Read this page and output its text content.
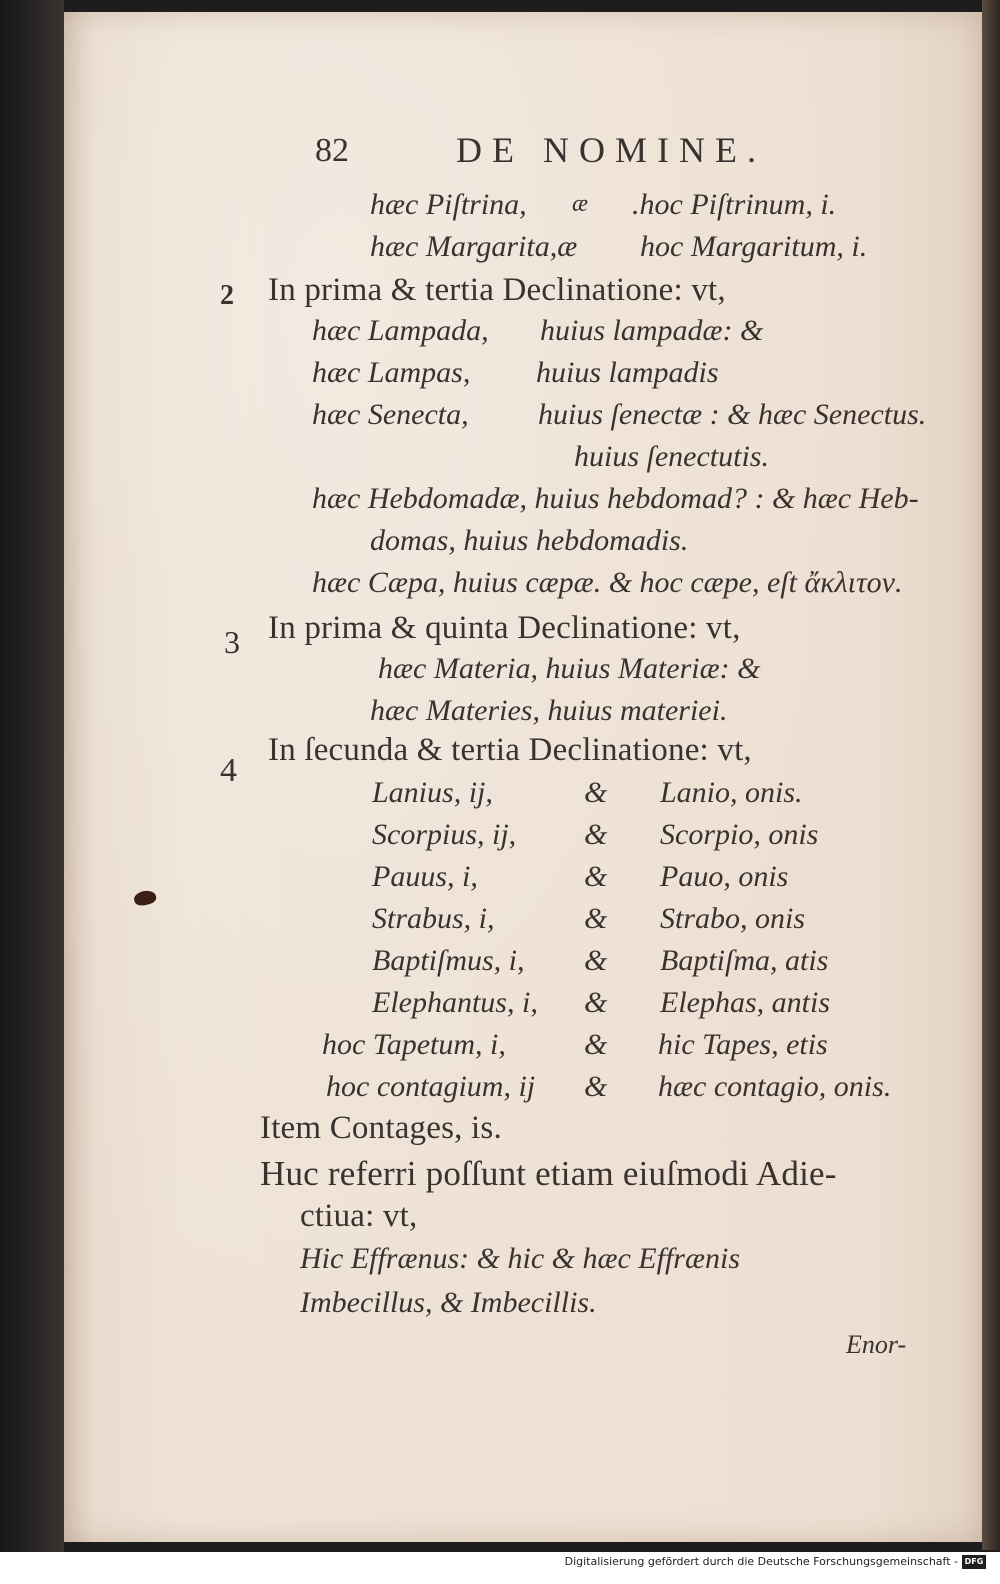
82	DE NOMINE.
hæc Piſtrina, æ .hoc Piſtrinum, i.
hæc Margarita,æ hoc Margaritum, i.
2 In prima & tertia Declinatione: vt,
hæc Lampada, huius lampadæ: &
hæc Lampas, huius lampadis
hæc Senecta, huius ſenectæ : & hæc Senectus.
huius ſenectutis.
hæc Hebdomadæ, huius hebdomad? : & hæc Heb-
domas, huius hebdomadis.
hæc Cæpa, huius cæpæ. & hoc cæpe, eſt ἄκλιτον.
3 In prima & quinta Declinatione: vt,
hæc Materia, huius Materiæ: &
hæc Materies, huius materiei.
4
In ſecunda & tertia Declinatione: vt,
Lanius, ij,	& Lanio, onis.
Scorpius, ij, & Scorpio, onis
Pauus, i,	& Pauo, onis
Strabus, i,	& Strabo, onis
Baptiſmus, i, & Baptiſma, atis
Elephantus, i, & Elephas, antis
hoc Tapetum, i,	& hic Tapes, etis
hoc contagium, ij & hæc contagio, onis.
Item Contages, is.
Huc referri poſſunt etiam eiuſmodi Adie-
ctiua: vt,
Hic Effrænus: & hic & hæc Effrænis
Imbecillus, & Imbecillis.
Enor-
Digitalisierung gefördert durch die Deutsche Forschungsgemeinschaft - DFG
